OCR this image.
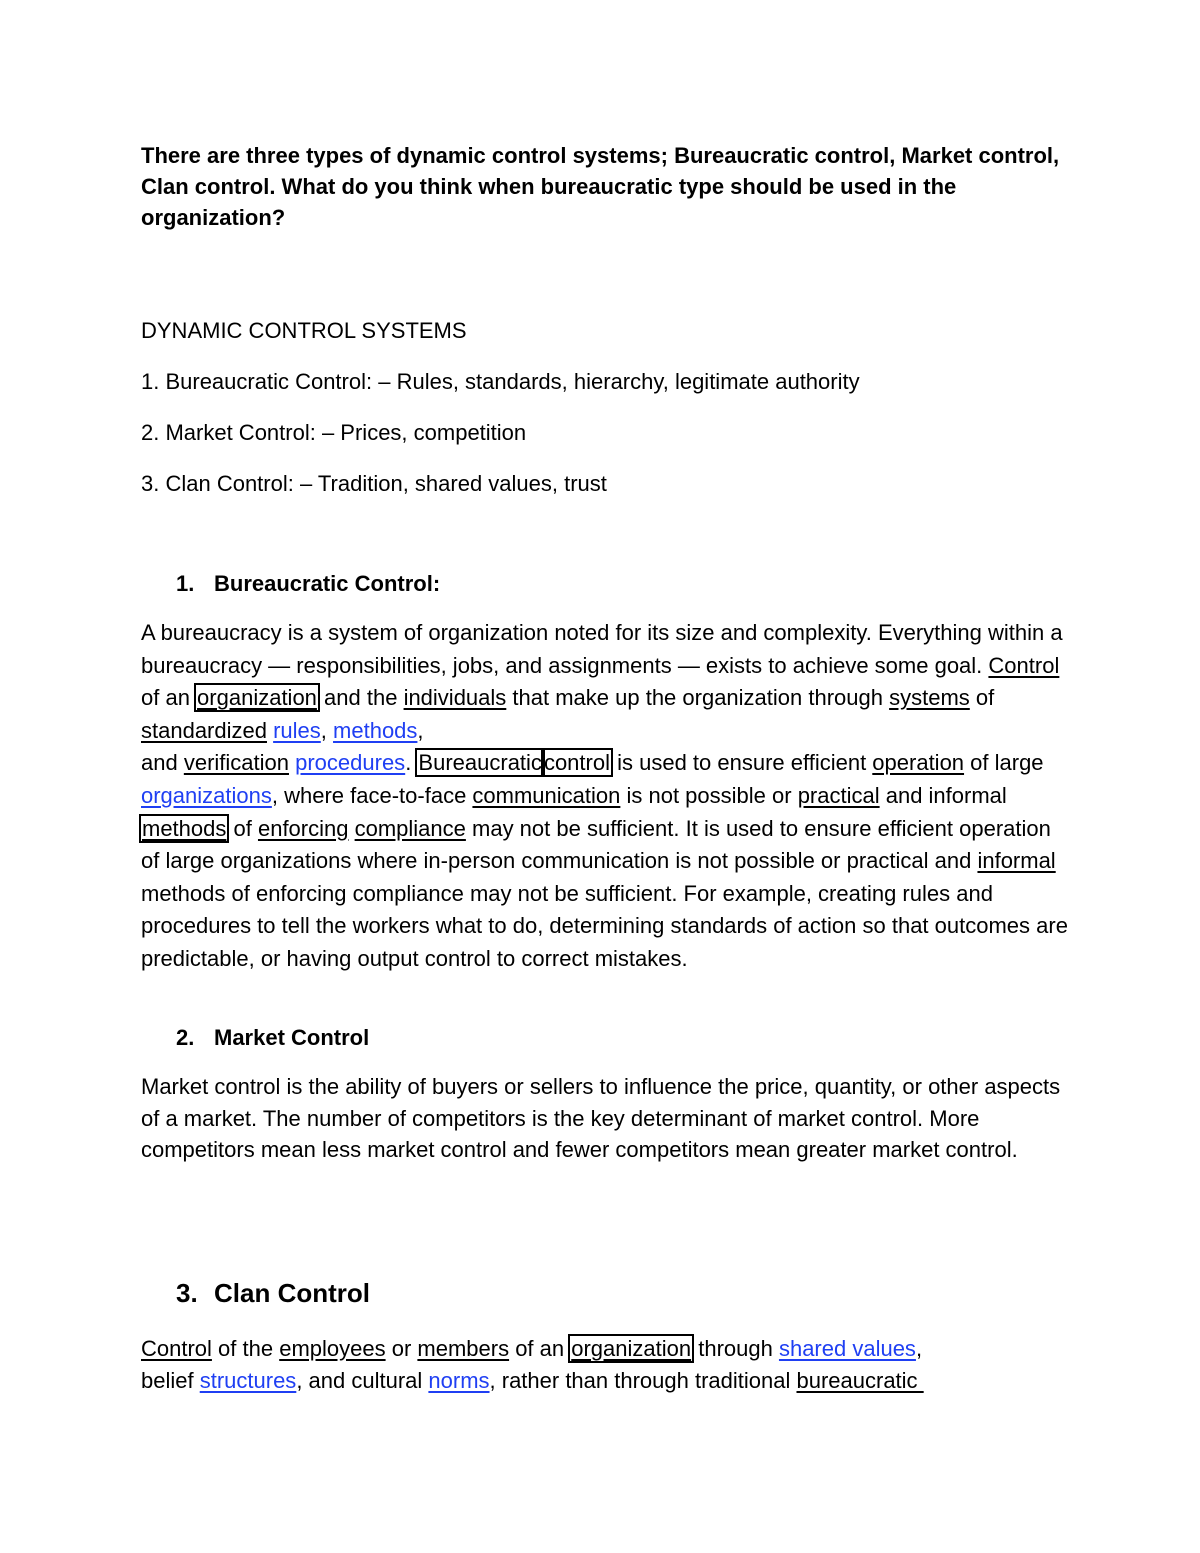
There are three types of dynamic control systems; Bureaucratic control, Market control, Clan control. What do you think when bureaucratic type should be used in the organization?
DYNAMIC CONTROL SYSTEMS
1. Bureaucratic Control: – Rules, standards, hierarchy, legitimate authority
2. Market Control: – Prices, competition
3. Clan Control: – Tradition, shared values, trust
1. Bureaucratic Control:
A bureaucracy is a system of organization noted for its size and complexity. Everything within a bureaucracy — responsibilities, jobs, and assignments — exists to achieve some goal. Control of an organization and the individuals that make up the organization through systems of standardized rules, methods,
and verification procedures. Bureaucraticcontrol is used to ensure efficient operation of large organizations, where face-to-face communication is not possible or practical and informal methods of enforcing compliance may not be sufficient. It is used to ensure efficient operation of large organizations where in-person communication is not possible or practical and informal methods of enforcing compliance may not be sufficient. For example, creating rules and procedures to tell the workers what to do, determining standards of action so that outcomes are predictable, or having output control to correct mistakes.
2. Market Control
Market control is the ability of buyers or sellers to influence the price, quantity, or other aspects of a market. The number of competitors is the key determinant of market control. More competitors mean less market control and fewer competitors mean greater market control.
3. Clan Control
Control of the employees or members of an organization through shared values,
belief structures, and cultural norms, rather than through traditional bureaucratic
